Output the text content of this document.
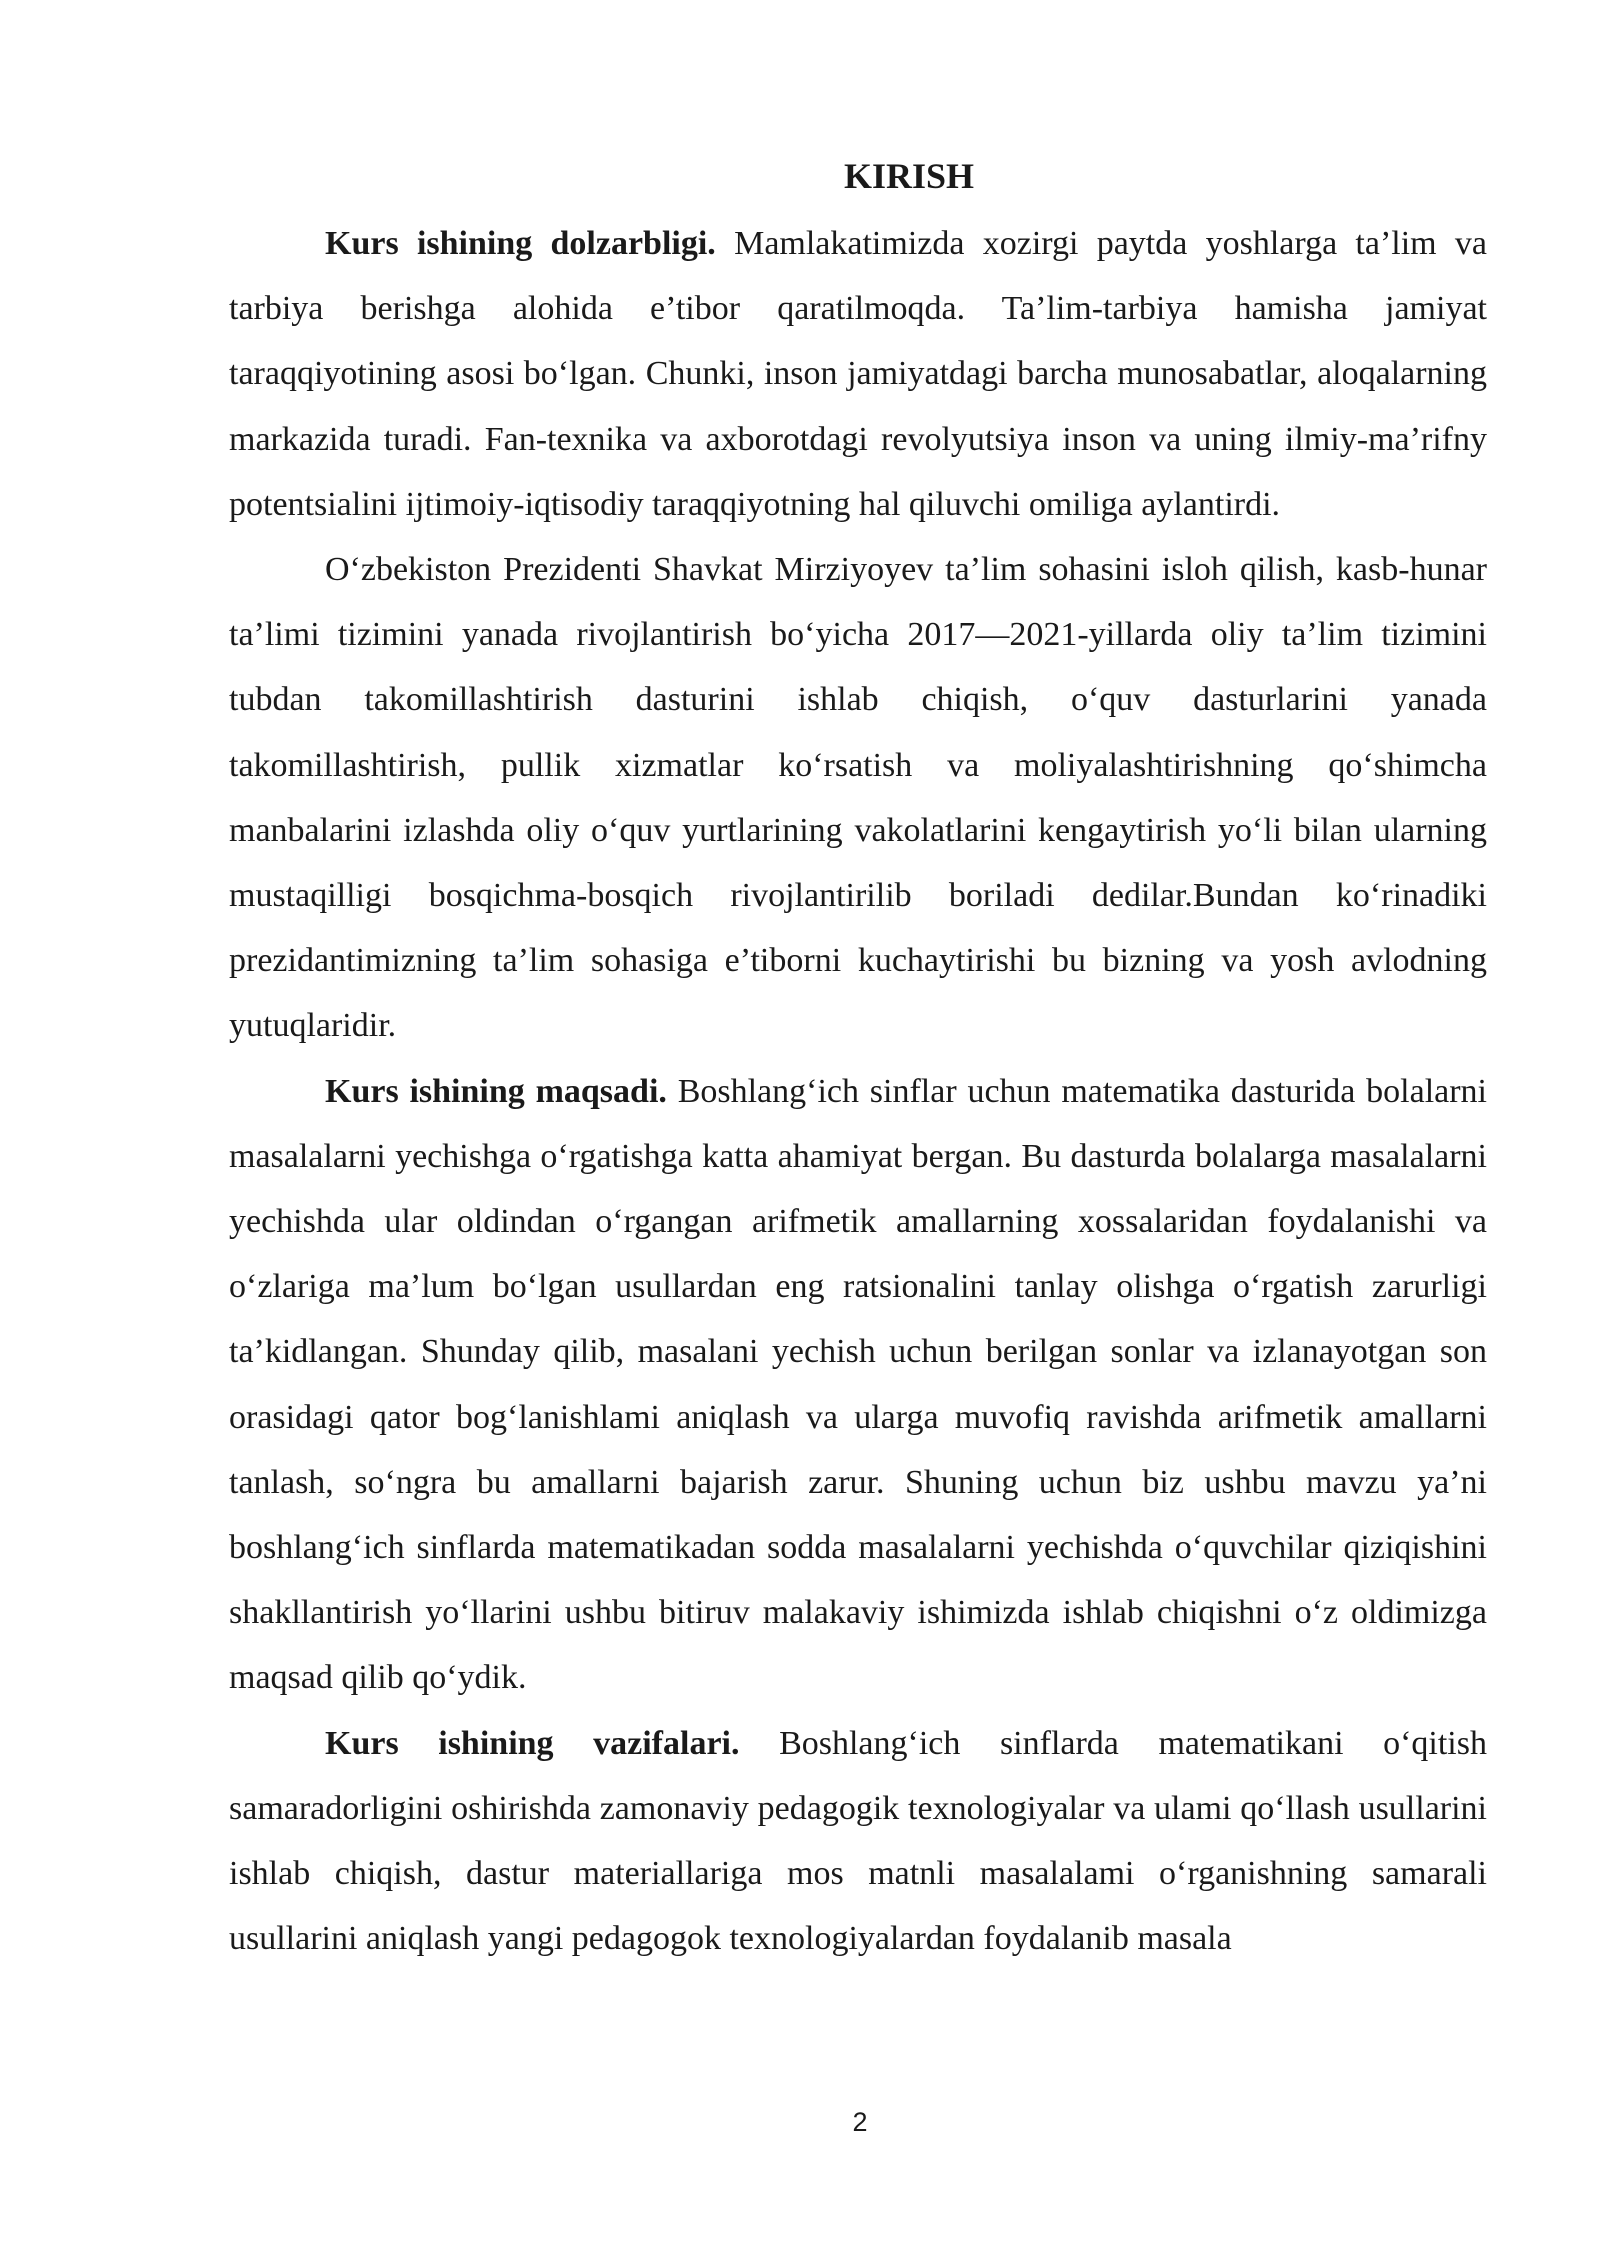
KIRISH

Kurs ishining dolzarbligi. Mamlakatimizda xozirgi paytda yoshlarga ta’lim va tarbiya berishga alohida e’tibor qaratilmoqda. Ta’lim-tarbiya hamisha jamiyat taraqqiyotining asosi bo‘lgan. Chunki, inson jamiyatdagi barcha munosabatlar, aloqalarning markazida turadi. Fan-texnika va axborotdagi revolyutsiya inson va uning ilmiy-ma’rifny potentsialini ijtimoiy-iqtisodiy taraqqiyotning hal qiluvchi omiliga aylantirdi.

O‘zbekiston Prezidenti Shavkat Mirziyoyev ta’lim sohasini isloh qilish, kasb-hunar ta’limi tizimini yanada rivojlantirish bo‘yicha 2017—2021-yillarda oliy ta’lim tizimini tubdan takomillashtirish dasturini ishlab chiqish, o‘quv dasturlarini yanada takomillashtirish, pullik xizmatlar ko‘rsatish va moliyalashtirishning qo‘shimcha manbalarini izlashda oliy o‘quv yurtlarining vakolatlarini kengaytirish yo‘li bilan ularning mustaqilligi bosqichma-bosqich rivojlantirilib boriladi dedilar.Bundan ko‘rinadiki prezidantimizning ta’lim sohasiga e’tiborni kuchaytirishi bu bizning va yosh avlodning yutuqlaridir.

Kurs ishining maqsadi. Boshlang‘ich sinflar uchun matematika dasturida bolalarni masalalarni yechishga o‘rgatishga katta ahamiyat bergan. Bu dasturda bolalarga masalalarni yechishda ular oldindan o‘rgangan arifmetik amallarning xossalaridan foydalanishi va o‘zlariga ma’lum bo‘lgan usullardan eng ratsionalini tanlay olishga o‘rgatish zarurligi ta’kidlangan. Shunday qilib, masalani yechish uchun berilgan sonlar va izlanayotgan son orasidagi qator bog‘lanishlami aniqlash va ularga muvofiq ravishda arifmetik amallarni tanlash, so‘ngra bu amallarni bajarish zarur. Shuning uchun biz ushbu mavzu ya’ni boshlang‘ich sinflarda matematikadan sodda masalalarni yechishda o‘quvchilar qiziqishini shakllantirish yo‘llarini ushbu bitiruv malakaviy ishimizda ishlab chiqishni o‘z oldimizga maqsad qilib qo‘ydik.

Kurs ishining vazifalari. Boshlang‘ich sinflarda matematikani o‘qitish samaradorligini oshirishda zamonaviy pedagogik texnologiyalar va ulami qo‘llash usullarini ishlab chiqish, dastur materiallariga mos matnli masalalami o‘rganishning samarali usullarini aniqlash yangi pedagogok texnologiyalardan foydalanib masala

2
